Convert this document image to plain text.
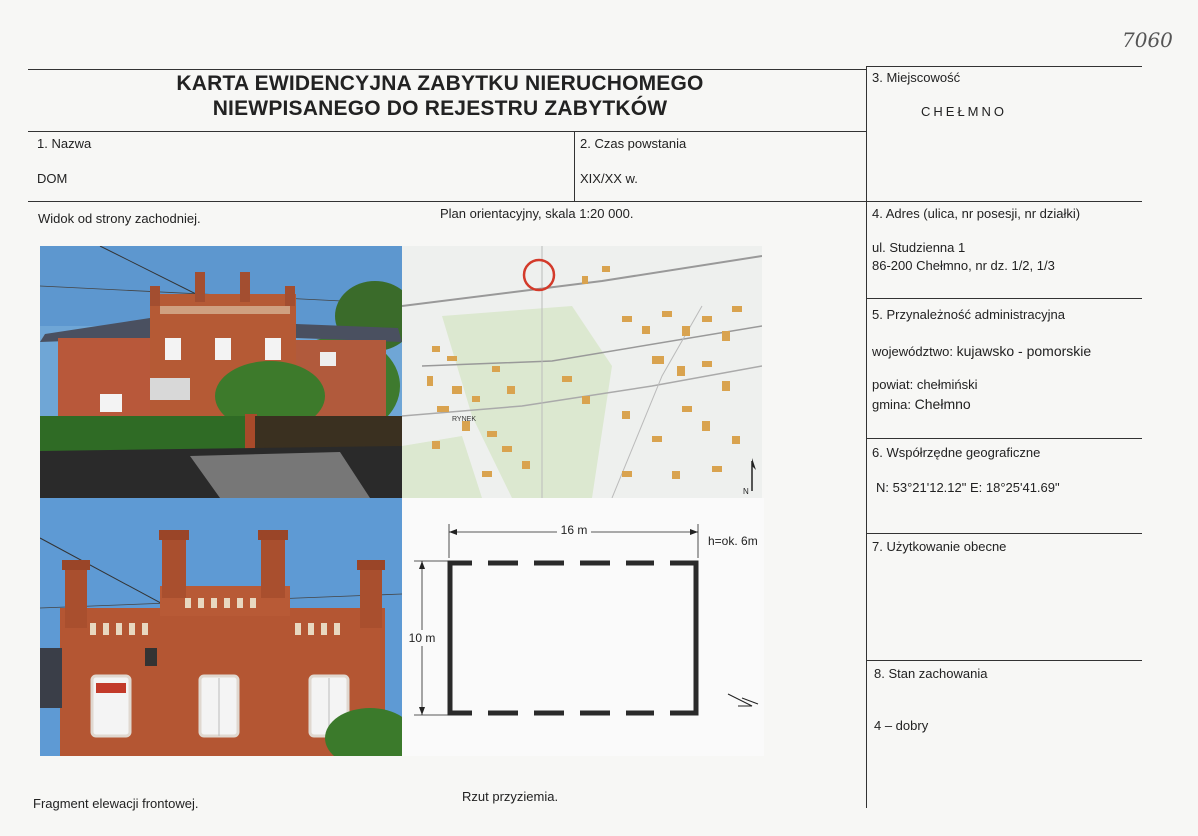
7060
KARTA EWIDENCYJNA ZABYTKU NIERUCHOMEGO
NIEWPISANEGO DO REJESTRU ZABYTKÓW
1. Nazwa
DOM
2. Czas powstania
XIX/XX w.
3. Miejscowość
CHEŁMNO
4. Adres (ulica, nr posesji, nr działki)
ul. Studzienna 1
86-200 Chełmno, nr dz. 1/2, 1/3
5. Przynależność administracyjna
województwo: kujawsko - pomorskie
powiat: chełmiński
gmina: Chełmno
6. Współrzędne geograficzne
N: 53°21'12.12" E: 18°25'41.69"
7. Użytkowanie obecne
8. Stan zachowania
4 – dobry
Widok od strony zachodniej.	Plan orientacyjny, skala 1:20 000.
Fragment elewacji frontowej.	Rzut przyziemia.
RYNEK
N
16 m
h=ok. 6m
10 m
